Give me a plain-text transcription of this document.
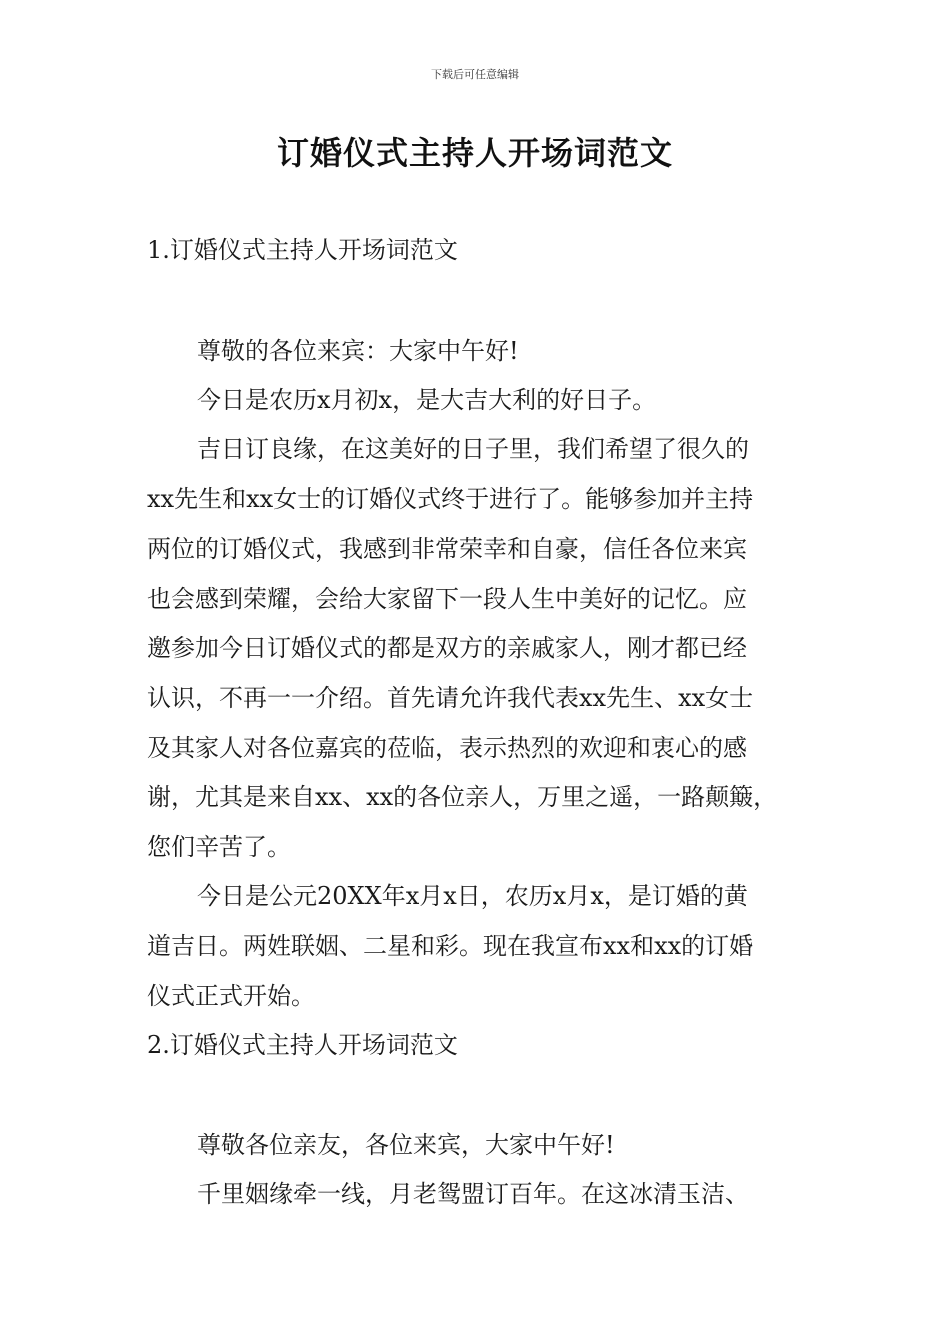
下载后可任意编辑
订婚仪式主持人开场词范文
1.订婚仪式主持人开场词范文
尊敬的各位来宾：大家中午好!
今日是农历x月初x，是大吉大利的好日子。
吉日订良缘，在这美好的日子里，我们希望了很久的
xx先生和xx女士的订婚仪式终于进行了。能够参加并主持
两位的订婚仪式，我感到非常荣幸和自豪，信任各位来宾
也会感到荣耀，会给大家留下一段人生中美好的记忆。应
邀参加今日订婚仪式的都是双方的亲戚家人，刚才都已经
认识，不再一一介绍。首先请允许我代表xx先生、xx女士
及其家人对各位嘉宾的莅临，表示热烈的欢迎和衷心的感
谢，尤其是来自xx、xx的各位亲人，万里之遥，一路颠簸，
您们辛苦了。
今日是公元20XX年x月x日，农历x月x，是订婚的黄
道吉日。两姓联姻、二星和彩。现在我宣布xx和xx的订婚
仪式正式开始。
2.订婚仪式主持人开场词范文
尊敬各位亲友，各位来宾，大家中午好!
千里姻缘牵一线，月老鸳盟订百年。在这冰清玉洁、
